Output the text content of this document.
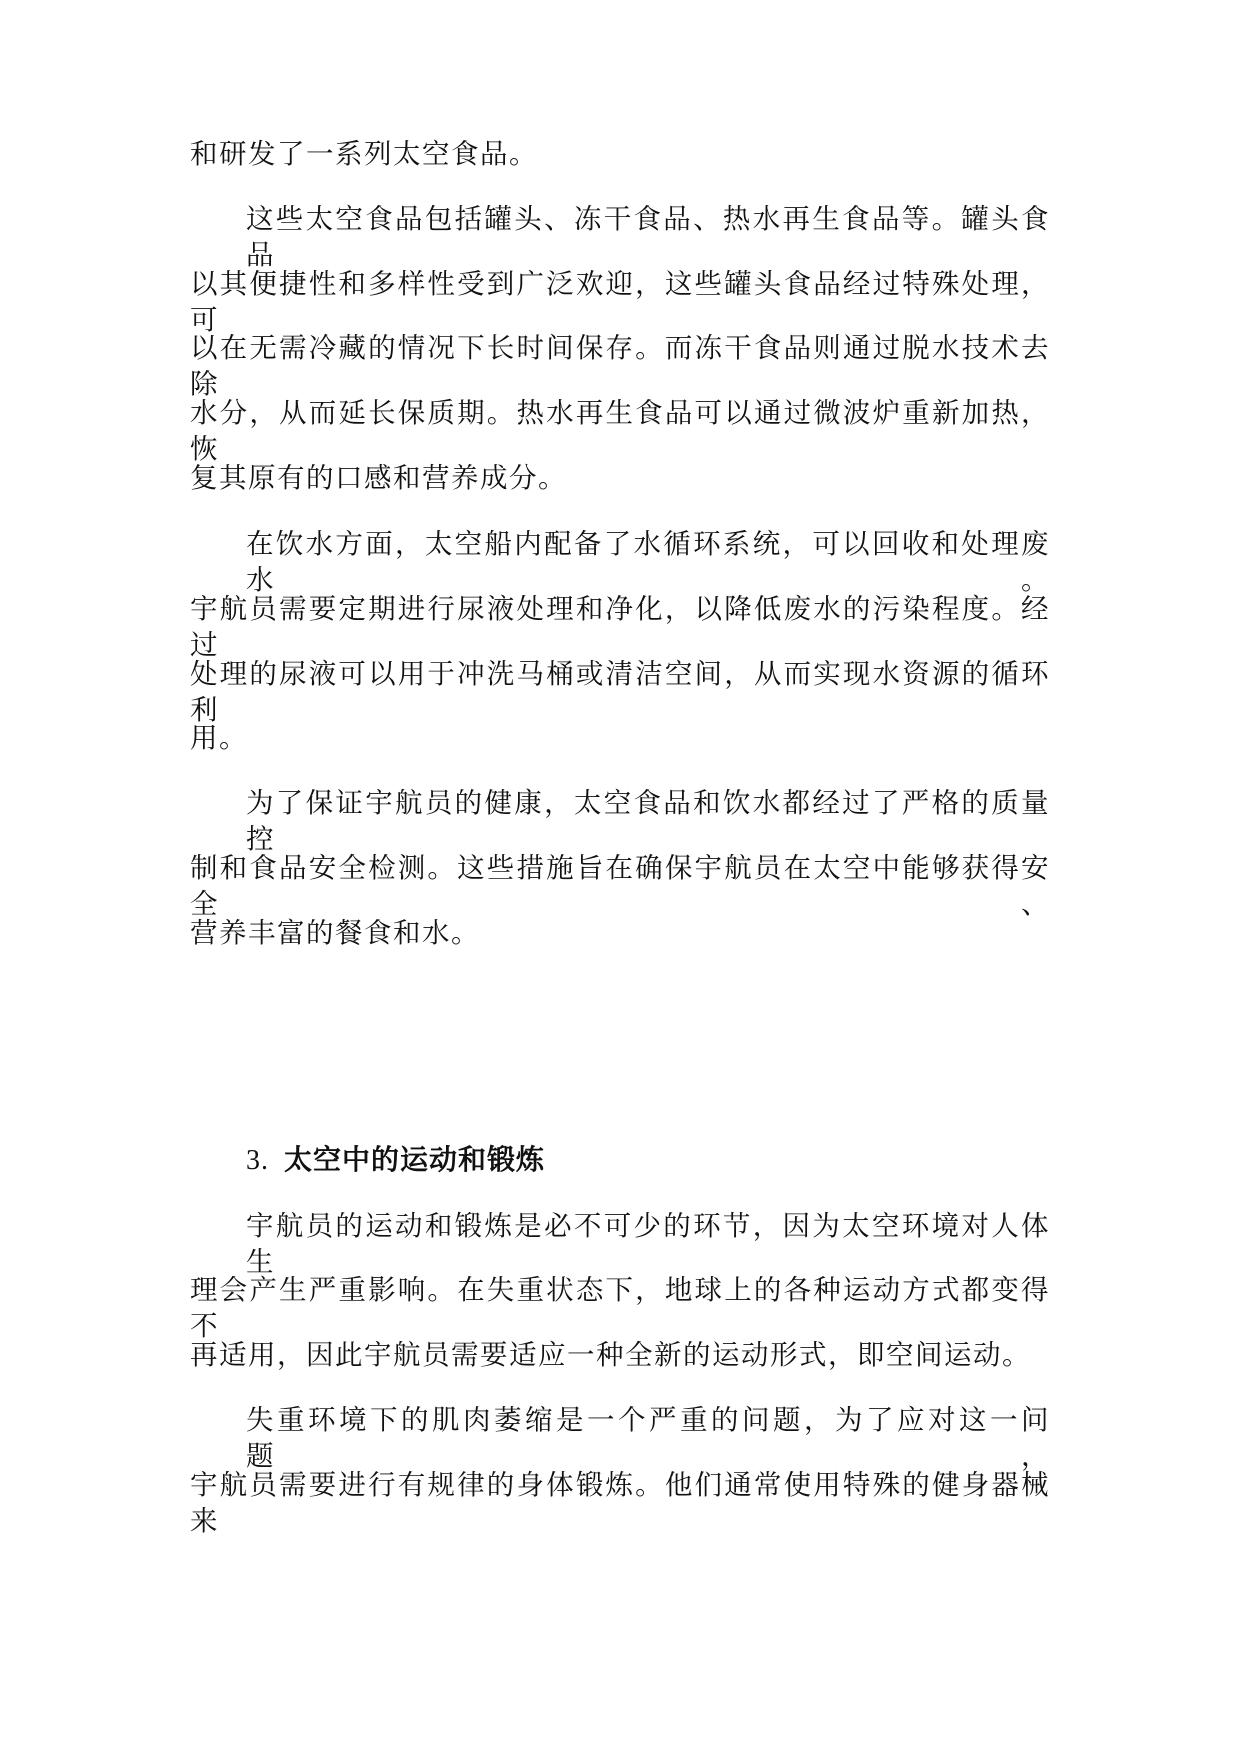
和研发了一系列太空食品。
这些太空食品包括罐头、冻干食品、热水再生食品等。罐头食品
以其便捷性和多样性受到广泛欢迎，这些罐头食品经过特殊处理，可
以在无需冷藏的情况下长时间保存。而冻干食品则通过脱水技术去除
水分，从而延长保质期。热水再生食品可以通过微波炉重新加热，恢
复其原有的口感和营养成分。
在饮水方面，太空船内配备了水循环系统，可以回收和处理废水。
宇航员需要定期进行尿液处理和净化，以降低废水的污染程度。经过
处理的尿液可以用于冲洗马桶或清洁空间，从而实现水资源的循环利
用。
为了保证宇航员的健康，太空食品和饮水都经过了严格的质量控
制和食品安全检测。这些措施旨在确保宇航员在太空中能够获得安全、
营养丰富的餐食和水。
3. 太空中的运动和锻炼
宇航员的运动和锻炼是必不可少的环节，因为太空环境对人体生
理会产生严重影响。在失重状态下，地球上的各种运动方式都变得不
再适用，因此宇航员需要适应一种全新的运动形式，即空间运动。
失重环境下的肌肉萎缩是一个严重的问题，为了应对这一问题，
宇航员需要进行有规律的身体锻炼。他们通常使用特殊的健身器械来
